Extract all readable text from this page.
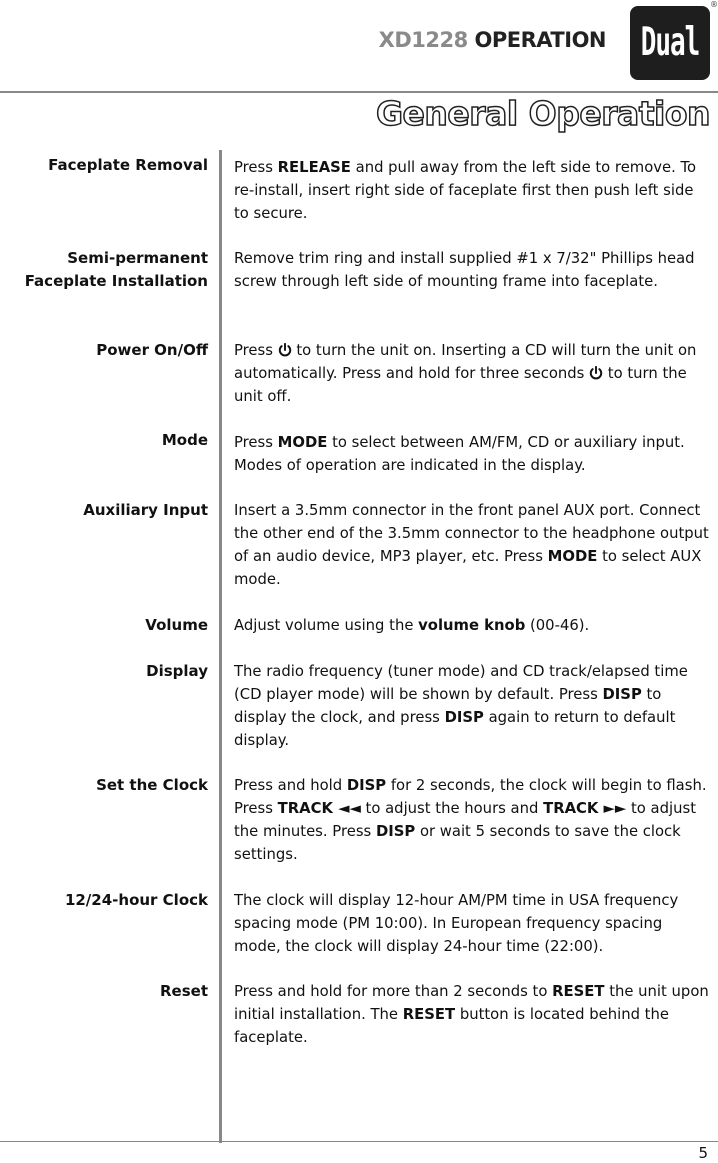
XD1228 OPERATION Dual
®
General Operation
Faceplate Removal Press RELEASE and pull away from the left side to remove. To re-install, insert right side of faceplate first then push left side to secure.
Semi-permanent
Faceplate Installation
Remove trim ring and install supplied #1 x 7/32" Phillips head screw through left side of mounting frame into faceplate.
Power On/Off Press  to turn the unit on. Inserting a CD will turn the unit on automatically. Press and hold for three seconds  to turn the unit off.
Mode Press MODE to select between AM/FM, CD or auxiliary input. Modes of operation are indicated in the display.
Auxiliary Input Insert a 3.5mm connector in the front panel AUX port. Connect the other end of the 3.5mm connector to the headphone output of an audio device, MP3 player, etc. Press MODE to select AUX mode.
Volume Adjust volume using the volume knob (00-46).
Display The radio frequency (tuner mode) and CD track/elapsed time (CD player mode) will be shown by default. Press DISP to display the clock, and press DISP again to return to default display.
Set the Clock Press and hold DISP for 2 seconds, the clock will begin to flash. Press TRACK ◄◄ to adjust the hours and TRACK ►► to adjust the minutes. Press DISP or wait 5 seconds to save the clock settings.
12/24-hour Clock The clock will display 12-hour AM/PM time in USA frequency spacing mode (PM 10:00). In European frequency spacing mode, the clock will display 24-hour time (22:00).
Reset Press and hold for more than 2 seconds to RESET the unit upon initial installation. The RESET button is located behind the faceplate.
5
